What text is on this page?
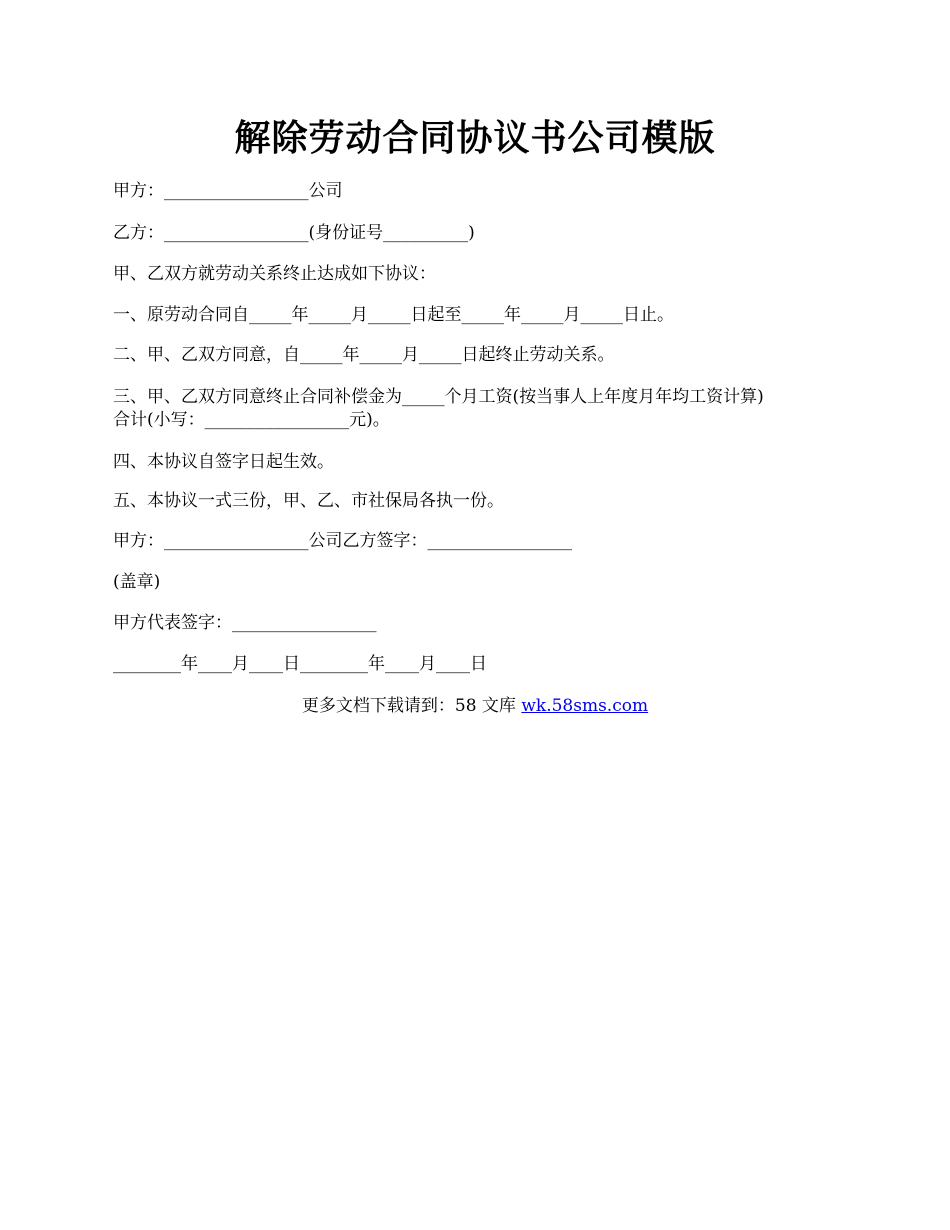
解除劳动合同协议书公司模版

甲方：_________________公司

乙方：_________________(身份证号__________)

甲、乙双方就劳动关系终止达成如下协议：

一、原劳动合同自_____年_____月_____日起至_____年_____月_____日止。

二、甲、乙双方同意，自_____年_____月_____日起终止劳动关系。

三、甲、乙双方同意终止合同补偿金为_____个月工资(按当事人上年度月年均工资计算)

合计(小写：_________________元)。

四、本协议自签字日起生效。

五、本协议一式三份，甲、乙、市社保局各执一份。

甲方：_________________公司乙方签字：_________________

(盖章)

甲方代表签字：_________________

________年____月____日________年____月____日

更多文档下载请到：58 文库 wk.58sms.com
